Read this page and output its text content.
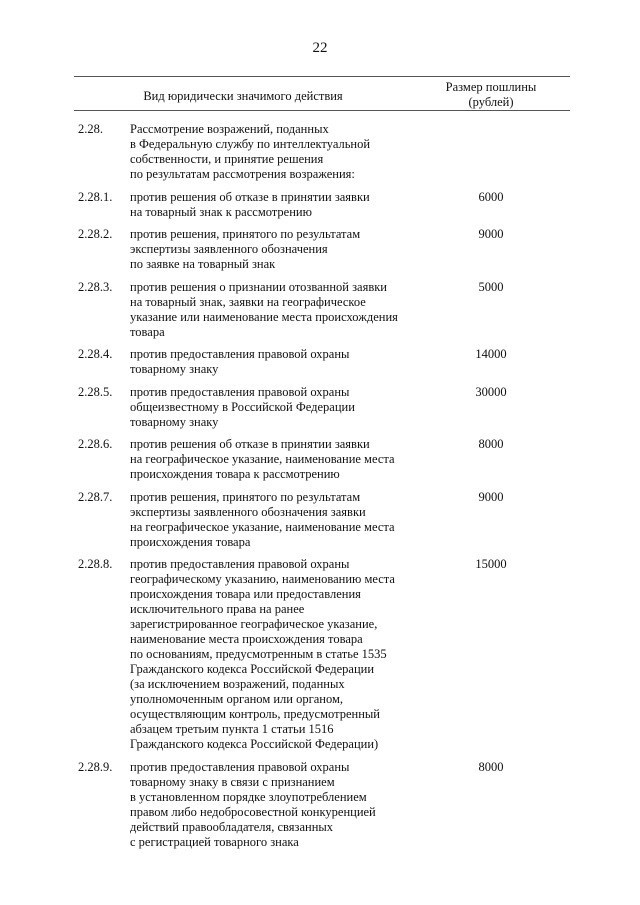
22
Вид юридически значимого действия
Размер пошлины
(рублей)
2.28.	Рассмотрение возражений, поданных
в Федеральную службу по интеллектуальной
собственности, и принятие решения
по результатам рассмотрения возражения:
2.28.1.	против решения об отказе в принятии заявки
на товарный знак к рассмотрению
6000
2.28.2.	против решения, принятого по результатам
экспертизы заявленного обозначения
по заявке на товарный знак
9000
2.28.3.	против решения о признании отозванной заявки
на товарный знак, заявки на географическое
указание или наименование места происхождения
товара
5000
2.28.4.	против предоставления правовой охраны
товарному знаку
14000
2.28.5.	против предоставления правовой охраны
общеизвестному в Российской Федерации
товарному знаку
30000
2.28.6.	против решения об отказе в принятии заявки
на географическое указание, наименование места
происхождения товара к рассмотрению
8000
2.28.7.	против решения, принятого по результатам
экспертизы заявленного обозначения заявки
на географическое указание, наименование места
происхождения товара
9000
2.28.8.	против предоставления правовой охраны
географическому указанию, наименованию места
происхождения товара или предоставления
исключительного права на ранее
зарегистрированное географическое указание,
наименование места происхождения товара
по основаниям, предусмотренным в статье 1535
Гражданского кодекса Российской Федерации
(за исключением возражений, поданных
уполномоченным органом или органом,
осуществляющим контроль, предусмотренный
абзацем третьим пункта 1 статьи 1516
Гражданского кодекса Российской Федерации)
15000
2.28.9.	против предоставления правовой охраны
товарному знаку в связи с признанием
в установленном порядке злоупотреблением
правом либо недобросовестной конкуренцией
действий правообладателя, связанных
с регистрацией товарного знака
8000
